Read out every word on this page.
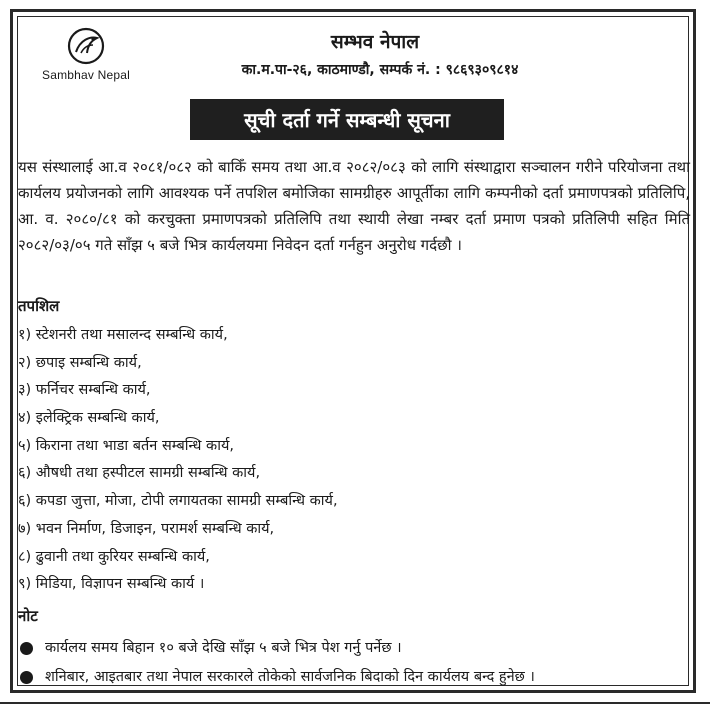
Sambhav Nepal
सम्भव नेपाल
का.म.पा-२६, काठमाण्डौ, सम्पर्क नं. : ९८६९३०९८१४
सूची दर्ता गर्ने सम्बन्धी सूचना
यस संस्थालाई आ.व २०८१/०८२ को बाकिँ समय तथा आ.व २०८२/०८३ को लागि संस्थाद्वारा सञ्चालन गरीने परियोजना तथा कार्यलय प्रयोजनको लागि आवश्यक पर्ने तपशिल बमोजिका सामग्रीहरु आपूर्तीका लागि कम्पनीको दर्ता प्रमाणपत्रको प्रतिलिपि, आ. व. २०८०/८१ को करचुक्ता प्रमाणपत्रको प्रतिलिपि तथा स्थायी लेखा नम्बर दर्ता प्रमाण पत्रको प्रतिलिपी सहित मिति २०८२/०३/०५ गते साँझ ५ बजे भित्र कार्यलयमा निवेदन दर्ता गर्नहुन अनुरोध गर्दछौ ।
तपशिल
१) स्टेशनरी तथा मसालन्द सम्बन्धि कार्य,
२) छपाइ सम्बन्धि कार्य,
३) फर्निचर सम्बन्धि कार्य,
४) इलेक्ट्रिक सम्बन्धि कार्य,
५) किराना तथा भाडा बर्तन सम्बन्धि कार्य,
६) औषधी तथा हस्पीटल सामग्री सम्बन्धि कार्य,
६) कपडा जुत्ता, मोजा, टोपी लगायतका सामग्री सम्बन्धि कार्य,
७) भवन निर्माण, डिजाइन, परामर्श सम्बन्धि कार्य,
८) ढुवानी तथा कुरियर सम्बन्धि कार्य,
९) मिडिया, विज्ञापन सम्बन्धि कार्य ।
नोट
कार्यलय समय बिहान १० बजे देखि साँझ ५ बजे भित्र पेश गर्नु पर्नेछ ।
शनिबार, आइतबार तथा नेपाल सरकारले तोकेको सार्वजनिक बिदाको दिन कार्यलय बन्द हुनेछ ।
